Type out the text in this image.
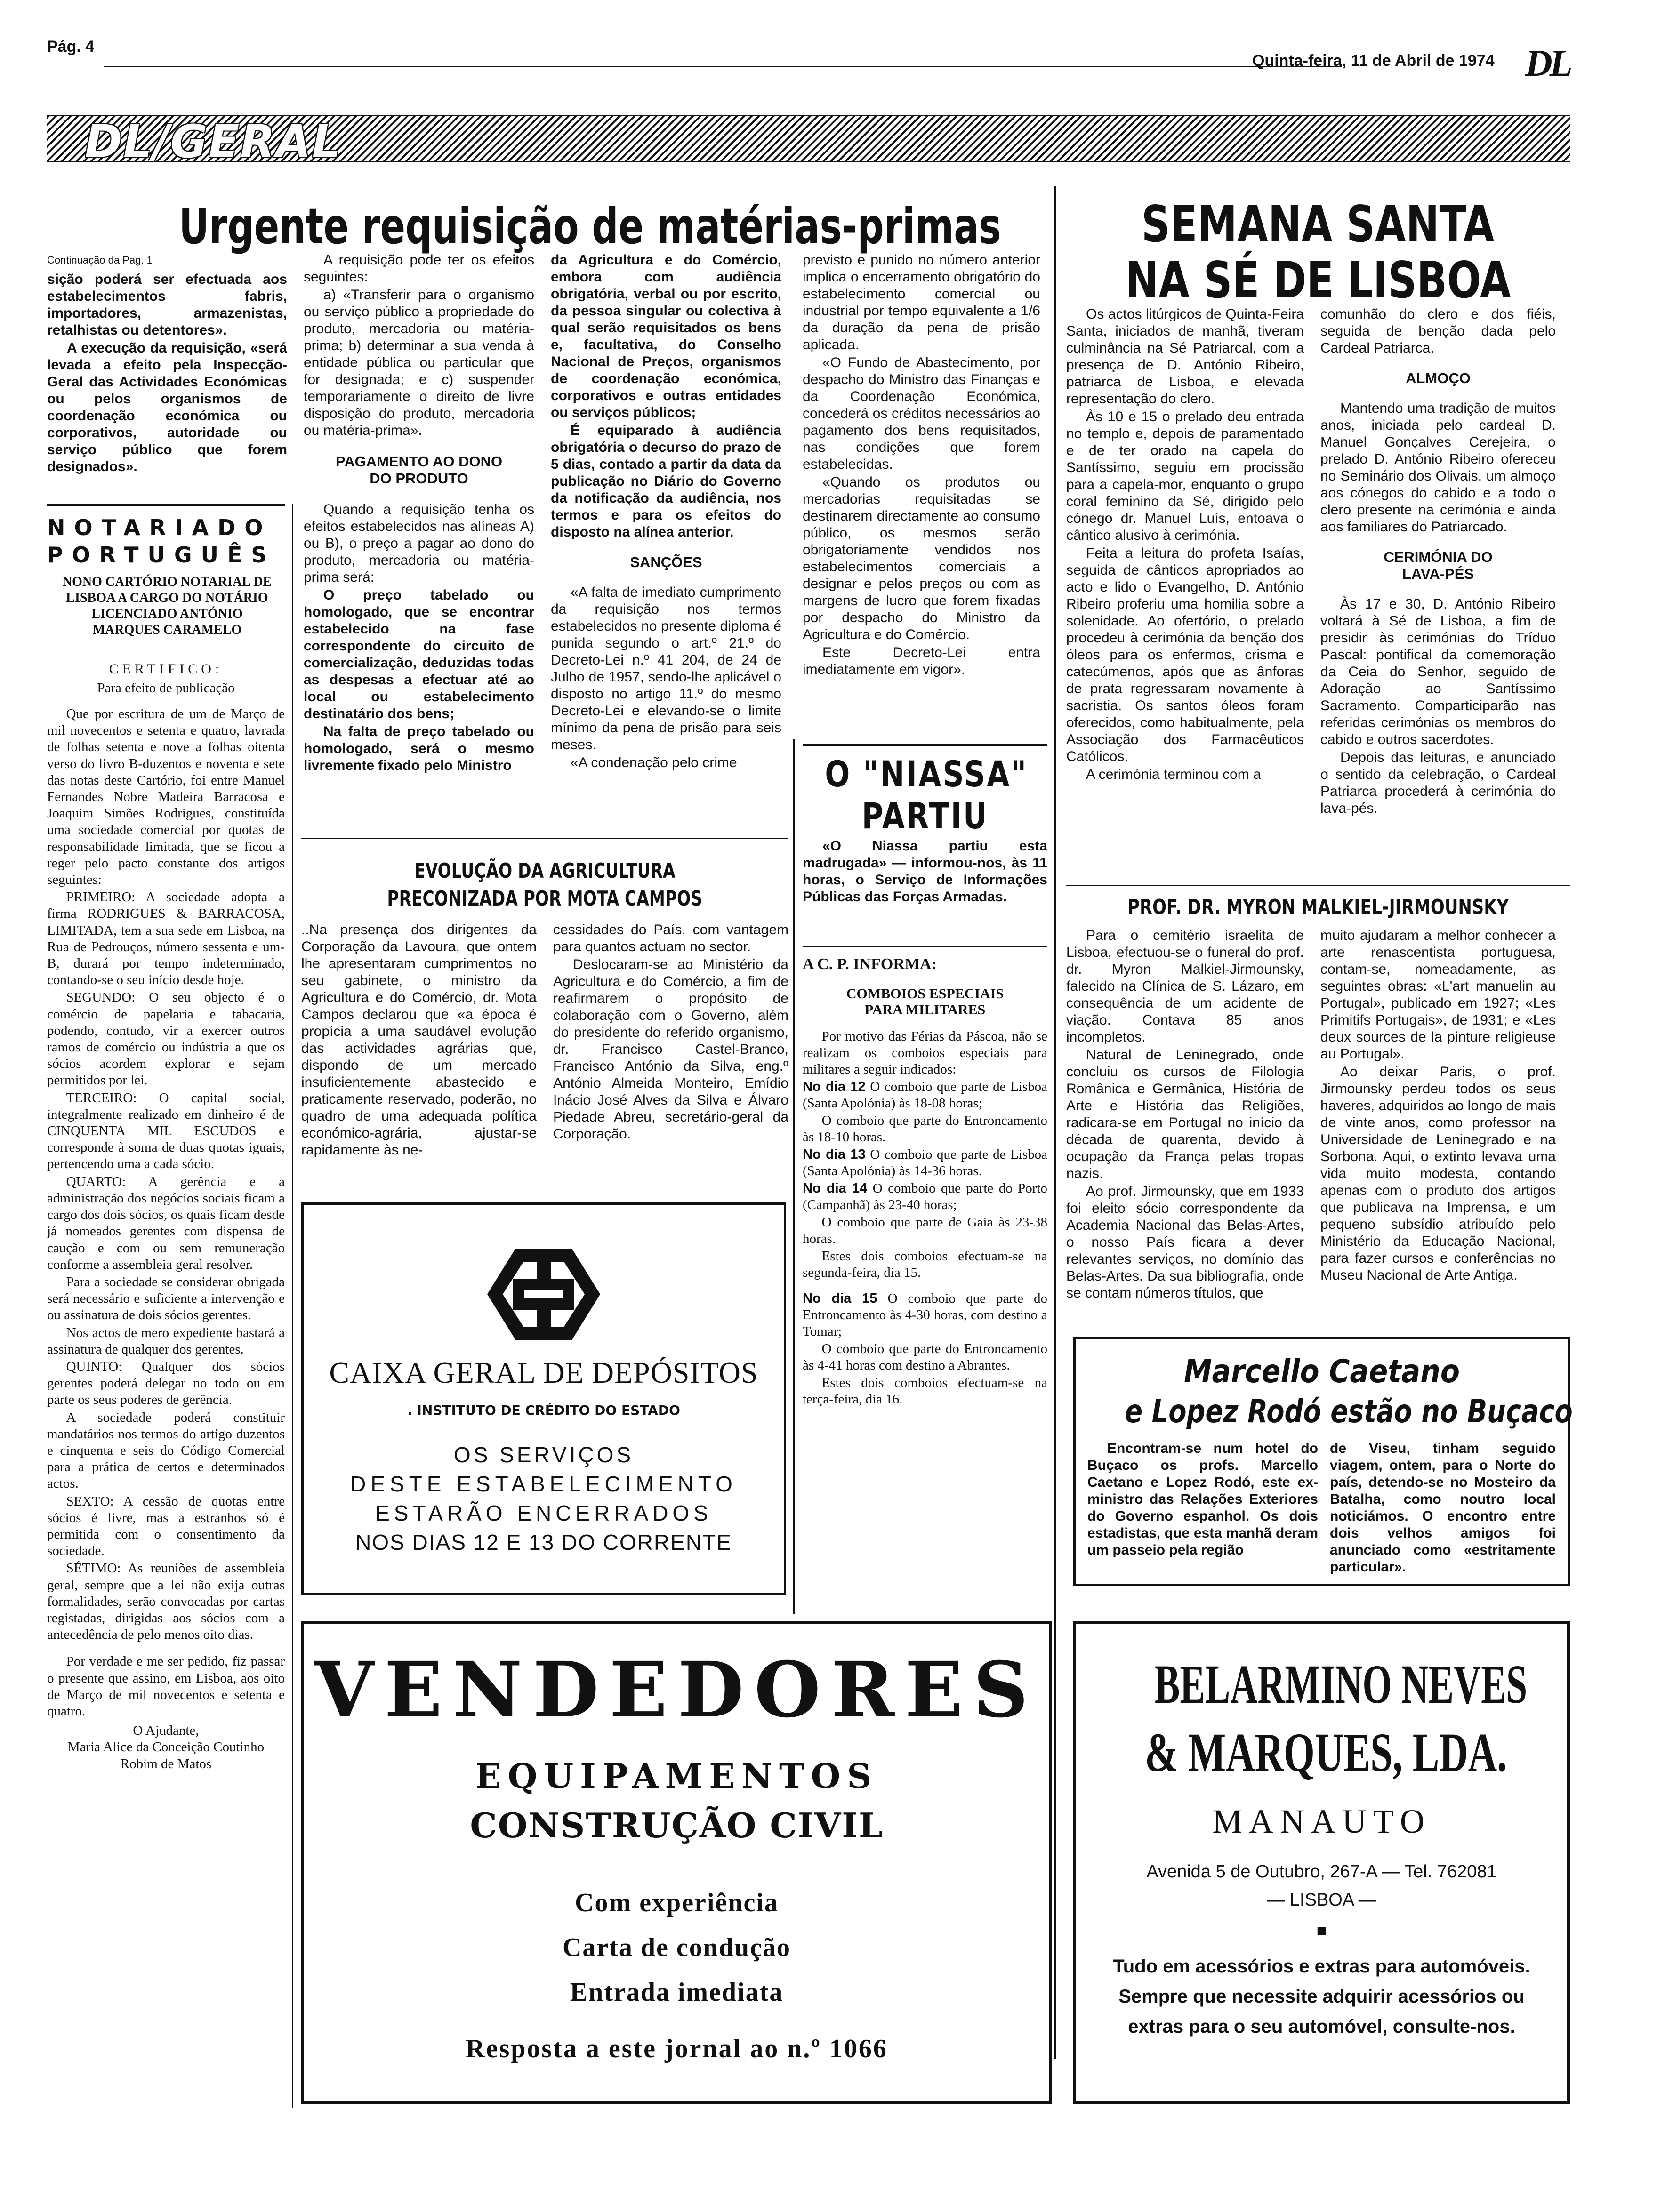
Pág. 4
Quinta-feira, 11 de Abril de 1974 DL
DL/GERAL
Urgente requisição de matérias-primas
Continuação da Pag. 1

sição poderá ser efectuada aos estabelecimentos fabris, importadores, armazenistas, retalhistas ou detentores».

A execução da requisição, «será levada a efeito pela Inspecção-Geral das Actividades Económicas ou pelos organismos de coordenação económica ou corporativos, autoridade ou serviço público que forem designados».

A requisição pode ter os efeitos seguintes:

a) «Transferir para o organismo ou serviço público a propriedade do produto, mercadoria ou matéria-prima; b) determinar a sua venda à entidade pública ou particular que for designada; e c) suspender temporariamente o direito de livre disposição do produto, mercadoria ou matéria-prima».

PAGAMENTO AO DONO DO PRODUTO

Quando a requisição tenha os efeitos estabelecidos nas alíneas A) ou B), o preço a pagar ao dono do produto, mercadoria ou matéria-prima será:

O preço tabelado ou homologado, que se encontrar estabelecido na fase correspondente do circuito de comercialização, deduzidas todas as despesas a efectuar até ao local ou estabelecimento destinatário dos bens;

Na falta de preço tabelado ou homologado, será o mesmo livremente fixado pelo Ministro

da Agricultura e do Comércio, embora com audiência obrigatória, verbal ou por escrito, da pessoa singular ou colectiva à qual serão requisitados os bens e, facultativa, do Conselho Nacional de Preços, organismos de coordenação económica, corporativos e outras entidades ou serviços públicos;

É equiparado à audiência obrigatória o decurso do prazo de 5 dias, contado a partir da data da publicação no Diário do Governo da notificação da audiência, nos termos e para os efeitos do disposto na alínea anterior.

SANÇÕES

«A falta de imediato cumprimento da requisição nos termos estabelecidos no presente diploma é punida segundo o art.º 21.º do Decreto-Lei n.º 41 204, de 24 de Julho de 1957, sendo-lhe aplicável o disposto no artigo 11.º do mesmo Decreto-Lei e elevando-se o limite mínimo da pena de prisão para seis meses.

«A condenação pelo crime

previsto e punido no número anterior implica o encerramento obrigatório do estabelecimento comercial ou industrial por tempo equivalente a 1/6 da duração da pena de prisão aplicada.

«O Fundo de Abastecimento, por despacho do Ministro das Finanças e da Coordenação Económica, concederá os créditos necessários ao pagamento dos bens requisitados, nas condições que forem estabelecidas.

«Quando os produtos ou mercadorias requisitadas se destinarem directamente ao consumo público, os mesmos serão obrigatoriamente vendidos nos estabelecimentos comerciais a designar e pelos preços ou com as margens de lucro que forem fixadas por despacho do Ministro da Agricultura e do Comércio.

Este Decreto-Lei entra imediatamente em vigor».

NOTARIADO
PORTUGUÊS
NONO CARTÓRIO NOTARIAL DE LISBOA A CARGO DO NOTÁRIO LICENCIADO ANTÓNIO MARQUES CARAMELO
CERTIFICO:
Para efeito de publicação

Que por escritura de um de Março de mil novecentos e setenta e quatro, lavrada de folhas setenta e nove a folhas oitenta verso do livro B-duzentos e noventa e sete das notas deste Cartório, foi entre Manuel Fernandes Nobre Madeira Barracosa e Joaquim Simões Rodrigues, constituída uma sociedade comercial por quotas de responsabilidade limitada, que se ficou a reger pelo pacto constante dos artigos seguintes:

PRIMEIRO: A sociedade adopta a firma RODRIGUES & BARRACOSA, LIMITADA, tem a sua sede em Lisboa, na Rua de Pedrouços, número sessenta e um-B, durará por tempo indeterminado, contando-se o seu início desde hoje.

SEGUNDO: O seu objecto é o comércio de papelaria e tabacaria, podendo, contudo, vir a exercer outros ramos de comércio ou indústria a que os sócios acordem explorar e sejam permitidos por lei.

TERCEIRO: O capital social, integralmente realizado em dinheiro é de CINQUENTA MIL ESCUDOS e corresponde à soma de duas quotas iguais, pertencendo uma a cada sócio.

QUARTO: A gerência e a administração dos negócios sociais ficam a cargo dos dois sócios, os quais ficam desde já nomeados gerentes com dispensa de caução e com ou sem remuneração conforme a assembleia geral resolver.

Para a sociedade se considerar obrigada será necessário e suficiente a intervenção e ou assinatura de dois sócios gerentes.

Nos actos de mero expediente bastará a assinatura de qualquer dos gerentes.

QUINTO: Qualquer dos sócios gerentes poderá delegar no todo ou em parte os seus poderes de gerência.

A sociedade poderá constituir mandatários nos termos do artigo duzentos e cinquenta e seis do Código Comercial para a prática de certos e determinados actos.

SEXTO: A cessão de quotas entre sócios é livre, mas a estranhos só é permitida com o consentimento da sociedade.

SÉTIMO: As reuniões de assembleia geral, sempre que a lei não exija outras formalidades, serão convocadas por cartas registadas, dirigidas aos sócios com a antecedência de pelo menos oito dias.

Por verdade e me ser pedido, fiz passar o presente que assino, em Lisboa, aos oito de Março de mil novecentos e setenta e quatro.

O Ajudante,
Maria Alice da Conceição Coutinho Robim de Matos
EVOLUÇÃO DA AGRICULTURA
PRECONIZADA POR MOTA CAMPOS

..Na presença dos dirigentes da Corporação da Lavoura, que ontem lhe apresentaram cumprimentos no seu gabinete, o ministro da Agricultura e do Comércio, dr. Mota Campos declarou que «a época é propícia a uma saudável evolução das actividades agrárias que, dispondo de um mercado insuficientemente abastecido e praticamente reservado, poderão, no quadro de uma adequada política económico-agrária, ajustar-se rapidamente às ne-

cessidades do País, com vantagem para quantos actuam no sector.

Deslocaram-se ao Ministério da Agricultura e do Comércio, a fim de reafirmarem o propósito de colaboração com o Governo, além do presidente do referido organismo, dr. Francisco Castel-Branco, Francisco António da Silva, eng.º António Almeida Monteiro, Emídio Inácio José Alves da Silva e Álvaro Piedade Abreu, secretário-geral da Corporação.

CAIXA GERAL DE DEPÓSITOS
. INSTITUTO DE CRÉDITO DO ESTADO
OS SERVIÇOS
DESTE ESTABELECIMENTO
ESTARÃO ENCERRADOS
NOS DIAS 12 E 13 DO CORRENTE
VENDEDORES
EQUIPAMENTOS
CONSTRUÇÃO CIVIL
Com experiência
Carta de condução
Entrada imediata
Resposta a este jornal ao n.º 1066
O "NIASSA"
PARTIU

«O Niassa partiu esta madrugada» — informou-nos, às 11 horas, o Serviço de Informações Públicas das Forças Armadas.

A C. P. INFORMA:
COMBOIOS ESPECIAIS PARA MILITARES

Por motivo das Férias da Páscoa, não se realizam os comboios especiais para militares a seguir indicados:

No dia 12 O comboio que parte de Lisboa (Santa Apolónia) às 18-08 horas;

O comboio que parte do Entroncamento às 18-10 horas.

No dia 13 O comboio que parte de Lisboa (Santa Apolónia) às 14-36 horas.

No dia 14 O comboio que parte do Porto (Campanhã) às 23-40 horas;

O comboio que parte de Gaia às 23-38 horas.

Estes dois comboios efectuam-se na segunda-feira, dia 15.

No dia 15 O comboio que parte do Entroncamento às 4-30 horas, com destino a Tomar;

O comboio que parte do Entroncamento às 4-41 horas com destino a Abrantes.

Estes dois comboios efectuam-se na terça-feira, dia 16.

SEMANA SANTA
NA SÉ DE LISBOA

Os actos litúrgicos de Quinta-Feira Santa, iniciados de manhã, tiveram culminância na Sé Patriarcal, com a presença de D. António Ribeiro, patriarca de Lisboa, e elevada representação do clero.

Às 10 e 15 o prelado deu entrada no templo e, depois de paramentado e de ter orado na capela do Santíssimo, seguiu em procissão para a capela-mor, enquanto o grupo coral feminino da Sé, dirigido pelo cónego dr. Manuel Luís, entoava o cântico alusivo à cerimónia.

Feita a leitura do profeta Isaías, seguida de cânticos apropriados ao acto e lido o Evangelho, D. António Ribeiro proferiu uma homilia sobre a solenidade. Ao ofertório, o prelado procedeu à cerimónia da benção dos óleos para os enfermos, crisma e catecúmenos, após que as ânforas de prata regressaram novamente à sacristia. Os santos óleos foram oferecidos, como habitualmente, pela Associação dos Farmacêuticos Católicos.

A cerimónia terminou com a

comunhão do clero e dos fiéis, seguida de benção dada pelo Cardeal Patriarca.

ALMOÇO

Mantendo uma tradição de muitos anos, iniciada pelo cardeal D. Manuel Gonçalves Cerejeira, o prelado D. António Ribeiro ofereceu no Seminário dos Olivais, um almoço aos cónegos do cabido e a todo o clero presente na cerimónia e ainda aos familiares do Patriarcado.

CERIMÓNIA DO LAVA-PÉS

Às 17 e 30, D. António Ribeiro voltará à Sé de Lisboa, a fim de presidir às cerimónias do Tríduo Pascal: pontifical da comemoração da Ceia do Senhor, seguido de Adoração ao Santíssimo Sacramento. Comparticiparão nas referidas cerimónias os membros do cabido e outros sacerdotes.

Depois das leituras, e anunciado o sentido da celebração, o Cardeal Patriarca procederá à cerimónia do lava-pés.

PROF. DR. MYRON MALKIEL-JIRMOUNSKY

Para o cemitério israelita de Lisboa, efectuou-se o funeral do prof. dr. Myron Malkiel-Jirmounsky, falecido na Clínica de S. Lázaro, em consequência de um acidente de viação. Contava 85 anos incompletos.

Natural de Leninegrado, onde concluiu os cursos de Filologia Românica e Germânica, História de Arte e História das Religiões, radicara-se em Portugal no início da década de quarenta, devido à ocupação da França pelas tropas nazis.

Ao prof. Jirmounsky, que em 1933 foi eleito sócio correspondente da Academia Nacional das Belas-Artes, o nosso País ficara a dever relevantes serviços, no domínio das Belas-Artes. Da sua bibliografia, onde se contam números títulos, que

muito ajudaram a melhor conhecer a arte renascentista portuguesa, contam-se, nomeadamente, as seguintes obras: «L'art manuelin au Portugal», publicado em 1927; «Les Primitifs Portugais», de 1931; e «Les deux sources de la pinture religieuse au Portugal».

Ao deixar Paris, o prof. Jirmounsky perdeu todos os seus haveres, adquiridos ao longo de mais de vinte anos, como professor na Universidade de Leninegrado e na Sorbona. Aqui, o extinto levava uma vida muito modesta, contando apenas com o produto dos artigos que publicava na Imprensa, e um pequeno subsídio atribuído pelo Ministério da Educação Nacional, para fazer cursos e conferências no Museu Nacional de Arte Antiga.

Marcello Caetano
e Lopez Rodó estão no Buçaco

Encontram-se num hotel do Buçaco os profs. Marcello Caetano e Lopez Rodó, este ex-ministro das Relações Exteriores do Governo espanhol. Os dois estadistas, que esta manhã deram um passeio pela região

de Viseu, tinham seguido viagem, ontem, para o Norte do país, detendo-se no Mosteiro da Batalha, como noutro local noticiámos. O encontro entre dois velhos amigos foi anunciado como «estritamente particular».

BELARMINO NEVES
& MARQUES, LDA.
MANAUTO
Avenida 5 de Outubro, 267-A — Tel. 762081
— LISBOA —
■
Tudo em acessórios e extras para automóveis. Sempre que necessite adquirir acessórios ou extras para o seu automóvel, consulte-nos.
